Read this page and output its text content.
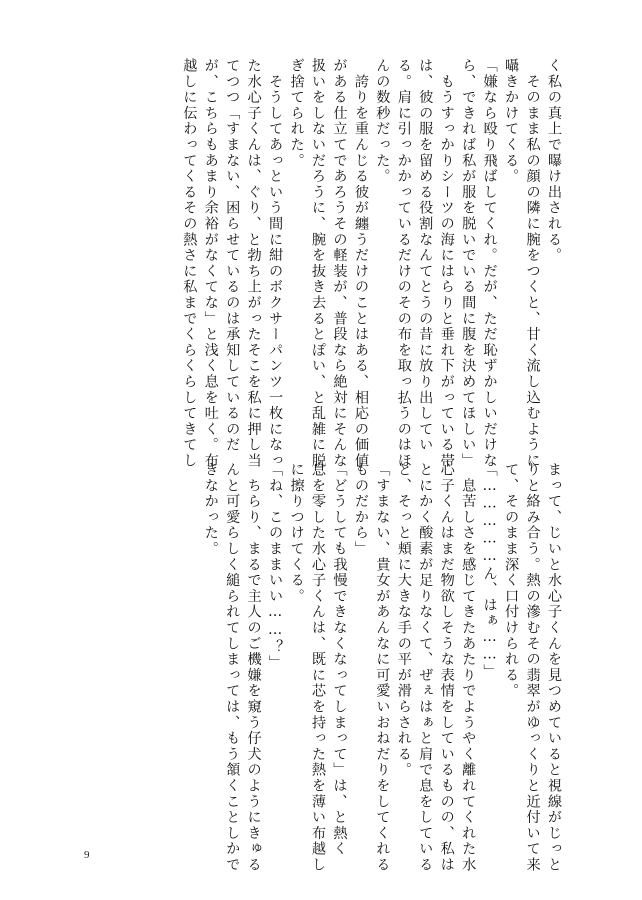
く私の真上で曝け出される。
　そのまま私の顔の隣に腕をつくと、甘く流し込むように
囁きかけてくる。
「嫌なら殴り飛ばしてくれ。だが、ただ恥ずかしいだけな
ら、できれば私が服を脱いでいる間に腹を決めてほしい」
　もうすっかりシーツの海にはらりと垂れ下がっている帯
は、彼の服を留める役割なんてとうの昔に放り出してい
る。肩に引っかかっているだけのその布を取っ払うのはほ
んの数秒だった。
　誇りを重んじる彼が纏うだけのことはある、相応の価値
がある仕立てであろうその軽装が、普段なら絶対にそんな
扱いをしないだろうに、腕を抜き去るとぽい、と乱雑に脱
ぎ捨てられた。
　そうしてあっという間に紺のボクサーパンツ一枚になっ
た水心子くんは、ぐり、と勃ち上がったそこを私に押し当
てつつ「すまない、困らせているのは承知しているのだ
が、こちらもあまり余裕がなくてな」と浅く息を吐く。布
越しに伝わってくるその熱さに私までくらくらしてきてし
まって、じいと水心子くんを見つめていると視線がじっと
りと絡み合う。熱の滲むその翡翠がゆっくりと近付いて来
て、そのまま深く口付けられる。
「……………ん、はぁ……」
　息苦しさを感じてきたあたりでようやく離れてくれた水
心子くんはまだ物欲しそうな表情をしているものの、私は
とにかく酸素が足りなくて、ぜぇはぁと肩で息をしている
と、そっと頬に大きな手の平が滑らされる。
「すまない、貴女があんなに可愛いおねだりをしてくれる
ものだから」
「どうしても我慢できなくなってしまって」は、と熱く
息を零した水心子くんは、既に芯を持った熱を薄い布越し
に擦りつけてくる。
「ね、このままいい……？」
　ちらり、まるで主人のご機嫌を窺う仔犬のようにきゅる
んと可愛らしく縋られてしまっては、もう頷くことしかで
きなかった。
9
